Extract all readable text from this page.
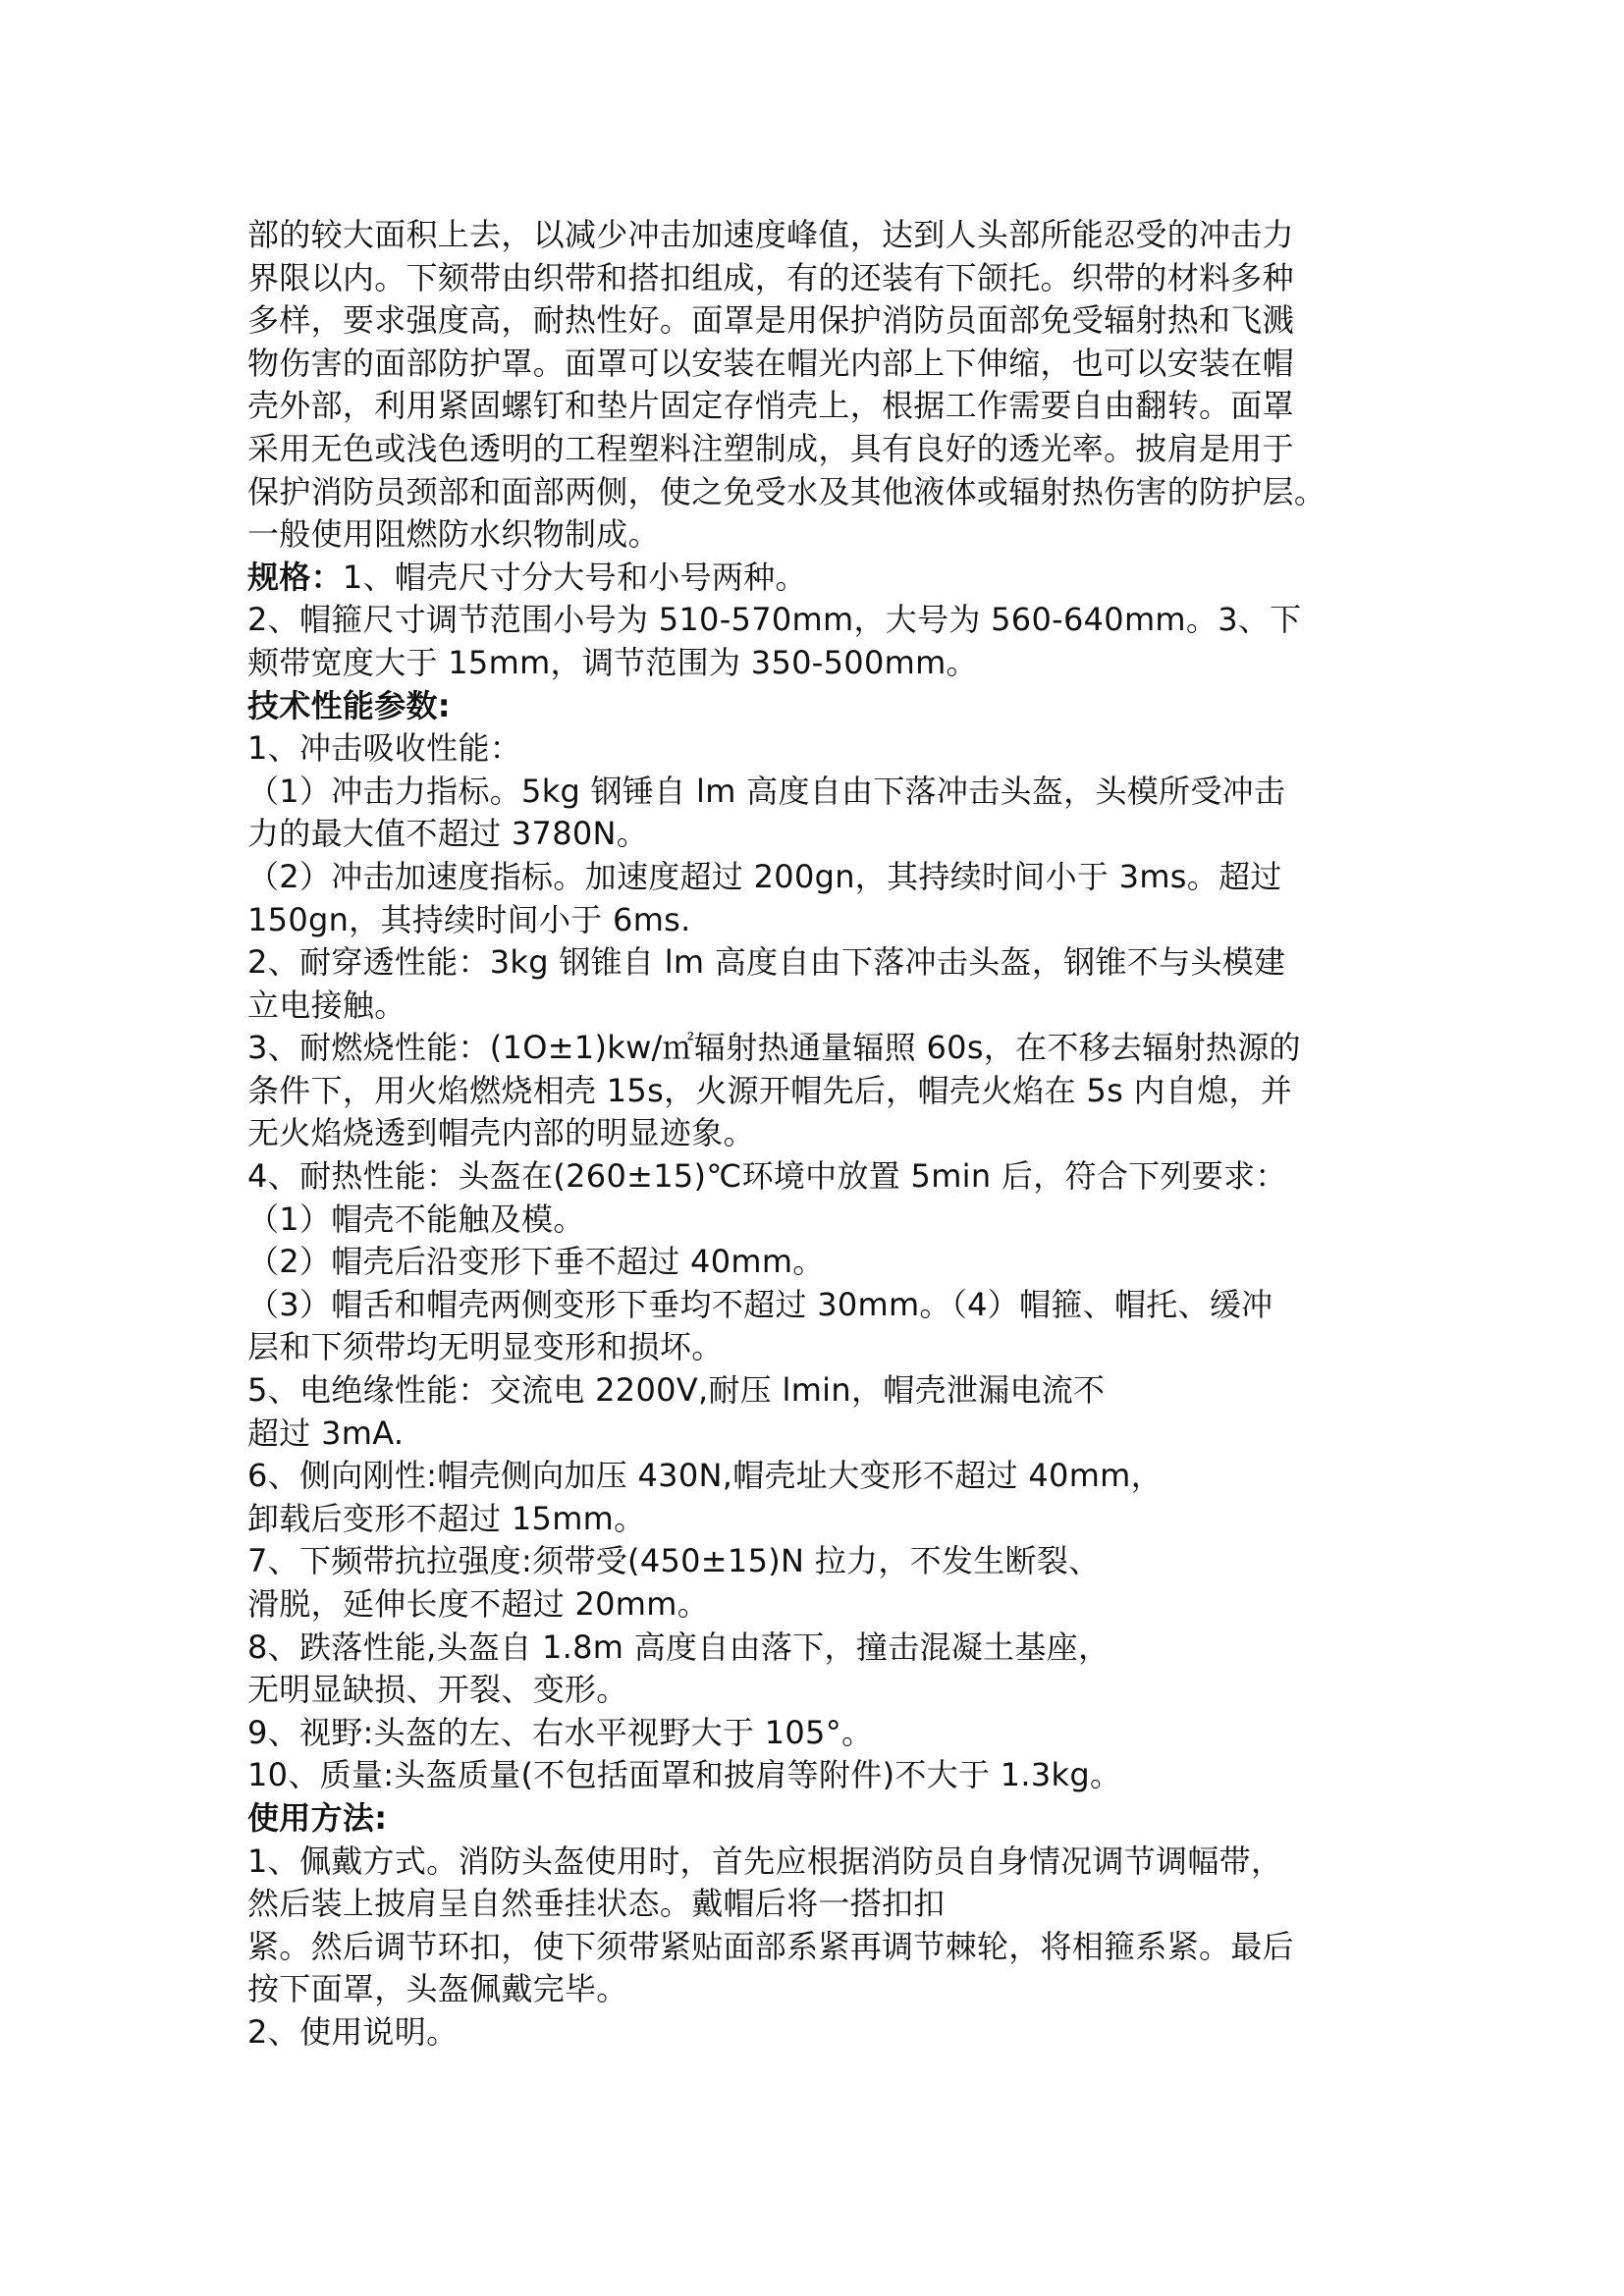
部的较大面积上去，以减少冲击加速度峰值，达到人头部所能忍受的冲击力
界限以内。下颏带由织带和搭扣组成，有的还装有下颌托。织带的材料多种
多样，要求强度高，耐热性好。面罩是用保护消防员面部免受辐射热和飞溅
物伤害的面部防护罩。面罩可以安装在帽光内部上下伸缩，也可以安装在帽
壳外部，利用紧固螺钉和垫片固定存悄壳上，根据工作需要自由翻转。面罩
采用无色或浅色透明的工程塑料注塑制成，具有良好的透光率。披肩是用于
保护消防员颈部和面部两侧，使之免受水及其他液体或辐射热伤害的防护层。
一般使用阻燃防水织物制成。
规格：1、帽壳尺寸分大号和小号两种。
2、帽箍尺寸调节范围小号为 510-570mm，大号为 560-640mm。3、下
颊带宽度大于 15mm，调节范围为 350-500mm。
技术性能参数:
1、冲击吸收性能：
（1）冲击力指标。5kg 钢锤自 lm 高度自由下落冲击头盔，头模所受冲击
力的最大值不超过 3780N。
（2）冲击加速度指标。加速度超过 200gn，其持续时间小于 3ms。超过
150gn，其持续时间小于 6ms.
2、耐穿透性能：3kg 钢锥自 lm 高度自由下落冲击头盔，钢锥不与头模建
立电接触。
3、耐燃烧性能：(1O±1)kw/㎡辐射热通量辐照 60s，在不移去辐射热源的
条件下，用火焰燃烧相壳 15s，火源开帽先后，帽壳火焰在 5s 内自熄，并
无火焰烧透到帽壳内部的明显迹象。
4、耐热性能：头盔在(260±15)℃环境中放置 5min 后，符合下列要求：
（1）帽壳不能触及模。
（2）帽壳后沿变形下垂不超过 40mm。
（3）帽舌和帽壳两侧变形下垂均不超过 30mm。（4）帽箍、帽托、缓冲
层和下须带均无明显变形和损坏。
5、电绝缘性能：交流电 2200V,耐压 lmin，帽壳泄漏电流不
超过 3mA.
6、侧向刚性:帽壳侧向加压 430N,帽壳址大变形不超过 40mm，
卸载后变形不超过 15mm。
7、下频带抗拉强度:须带受(450±15)N 拉力，不发生断裂、
滑脱，延伸长度不超过 20mm。
8、跌落性能,头盔自 1.8m 高度自由落下，撞击混凝土基座，
无明显缺损、开裂、变形。
9、视野:头盔的左、右水平视野大于 105°。
10、质量:头盔质量(不包括面罩和披肩等附件)不大于 1.3kg。
使用方法:
1、佩戴方式。消防头盔使用时，首先应根据消防员自身情况调节调幅带，
然后装上披肩呈自然垂挂状态。戴帽后将一搭扣扣
紧。然后调节环扣，使下须带紧贴面部系紧再调节棘轮，将相箍系紧。最后
按下面罩，头盔佩戴完毕。
2、使用说明。
